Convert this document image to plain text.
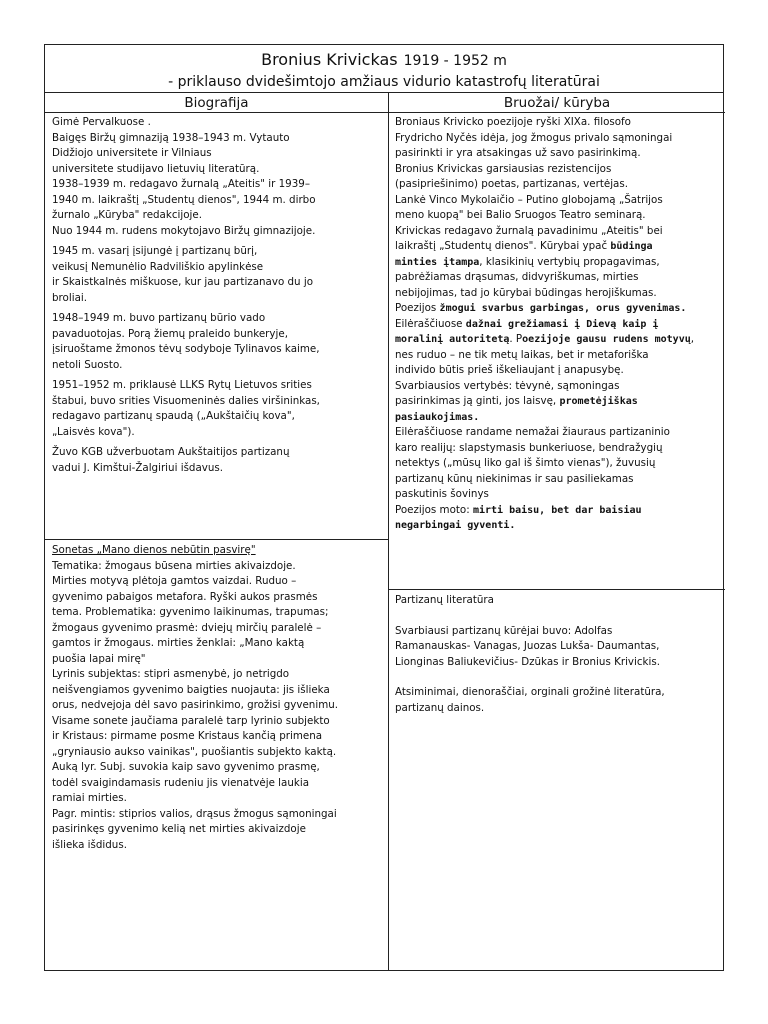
Bronius Krivickas 1919 - 1952 m
- priklauso dvidešimtojo amžiaus vidurio katastrofų literatūrai
Biografija	Bruožai/ kūryba

Gimė Pervalkuose .

Baigęs Biržų gimnaziją 1938–1943 m. Vytauto

Didžiojo universitete ir Vilniaus

universitete studijavo lietuvių literatūrą.

1938–1939 m. redagavo žurnalą „Ateitis" ir 1939–

1940 m. laikraštį „Studentų dienos", 1944 m. dirbo

žurnalo „Kūryba" redakcijoje.

Nuo 1944 m. rudens mokytojavo Biržų gimnazijoje.

1945 m. vasarį įsijungė į partizanų būrį,

veikusį Nemunėlio Radviliškio apylinkėse

ir Skaistkalnės miškuose, kur jau partizanavo du jo

broliai.

1948–1949 m. buvo partizanų būrio vado

pavaduotojas. Porą žiemų praleido bunkeryje,

įsiruoštame žmonos tėvų sodyboje Tylinavos kaime,

netoli Suosto.

1951–1952 m. priklausė LLKS Rytų Lietuvos srities

štabui, buvo srities Visuomeninės dalies viršininkas,

redagavo partizanų spaudą („Aukštaičių kova",

„Laisvės kova").

Žuvo KGB užverbuotam Aukštaitijos partizanų

vadui J. Kimštui-Žalgiriui išdavus.

Sonetas „Mano dienos nebūtin pasvirę"

Tematika: žmogaus būsena mirties akivaizdoje.

Mirties motyvą plėtoja gamtos vaizdai. Ruduo –

gyvenimo pabaigos metafora. Ryški aukos prasmės

tema. Problematika: gyvenimo laikinumas, trapumas;

žmogaus gyvenimo prasmė: dviejų mirčių paralelė –

gamtos ir žmogaus. mirties ženklai: „Mano kaktą

puošia lapai mirę"

Lyrinis subjektas: stipri asmenybė, jo netrigdo

neišvengiamos gyvenimo baigties nuojauta: jis išlieka

orus, nedvejoja dėl savo pasirinkimo, grožisi gyvenimu.

Visame sonete jaučiama paralelė tarp lyrinio subjekto

ir Kristaus: pirmame posme Kristaus kančią primena

„gryniausio aukso vainikas", puošiantis subjekto kaktą.

Auką lyr. Subj. suvokia kaip savo gyvenimo prasmę,

todėl svaigindamasis rudeniu jis vienatvėje laukia

ramiai mirties.

Pagr. mintis: stiprios valios, drąsus žmogus sąmoningai

pasirinkęs gyvenimo kelią net mirties akivaizdoje

išlieka išdidus.

Broniaus Krivicko poezijoje ryški XIXa. filosofo

Frydricho Nyčės idėja, jog žmogus privalo sąmoningai

pasirinkti ir yra atsakingas už savo pasirinkimą.

Bronius Krivickas garsiausias rezistencijos

(pasipriešinimo) poetas, partizanas, vertėjas.

Lankė Vinco Mykolaičio – Putino globojamą „Šatrijos

meno kuopą" bei Balio Sruogos Teatro seminarą.

Krivickas redagavo žurnalą pavadinimu „Ateitis" bei

laikraštį „Studentų dienos". Kūrybai ypač būdinga

minties įtampa, klasikinių vertybių propagavimas,

pabrėžiamas drąsumas, didvyriškumas, mirties

nebijojimas, tad jo kūrybai būdingas herojiškumas.

Poezijos žmogui svarbus garbingas, orus gyvenimas.

Eilėraščiuose dažnai grežiamasi į Dievą kaip į

moralinį autoritetą. Poezijoje gausu rudens motyvų,

nes ruduo – ne tik metų laikas, bet ir metaforiška

individo būtis prieš iškeliaujant į anapusybę.

Svarbiausios vertybės: tėvynė, sąmoningas

pasirinkimas ją ginti, jos laisvę, prometėjiškas

pasiaukojimas.

Eilėraščiuose randame nemažai žiauraus partizaninio

karo realijų: slapstymasis bunkeriuose, bendražygių

netektys („mūsų liko gal iš šimto vienas"), žuvusių

partizanų kūnų niekinimas ir sau pasiliekamas

paskutinis šovinys

Poezijos moto: mirti baisu, bet dar baisiau

negarbingai gyventi.

Partizanų literatūra

Svarbiausi partizanų kūrėjai buvo: Adolfas

Ramanauskas- Vanagas, Juozas Lukša- Daumantas,

Lionginas Baliukevičius- Dzūkas ir Bronius Krivickis.

Atsiminimai, dienoraščiai, orginali grožinė literatūra,

partizanų dainos.
